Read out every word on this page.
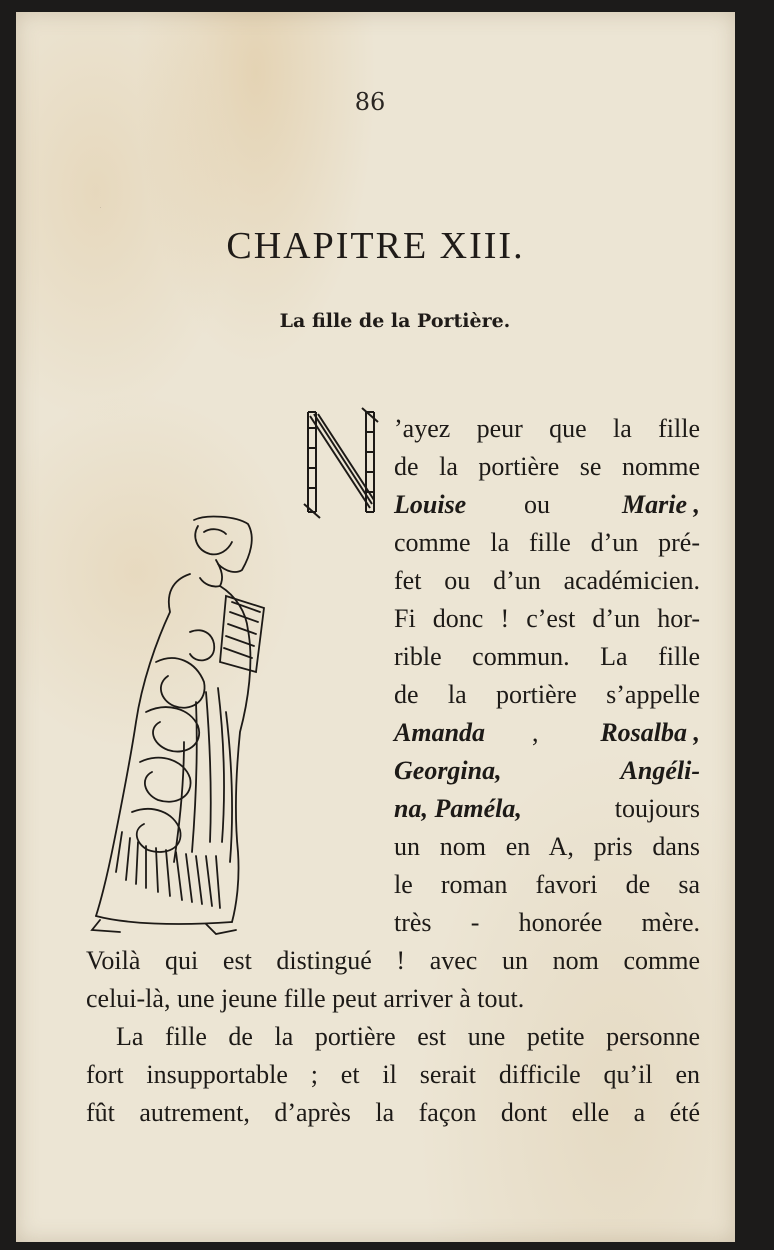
86
CHAPITRE XIII.
La fille de la Portière.
N
’ayez peur que la fille
de la portière se nomme
Louise ou	Marie ,
comme la fille d’un pré-
fet ou d’un académicien.
Fi donc ! c’est d’un hor-
rible commun. La fille
de la portière s’appelle
Amanda , Rosalba ,
Georgina,	Angéli-
na, Paméla,	toujours
un nom en A, pris dans
le roman favori de sa
très - honorée mère.
Voilà qui est distingué ! avec un nom comme
celui-là, une jeune fille peut arriver à tout.
La fille de la portière est une petite personne
fort insupportable ; et il serait difficile qu’il en
fût autrement, d’après la façon dont elle a été
